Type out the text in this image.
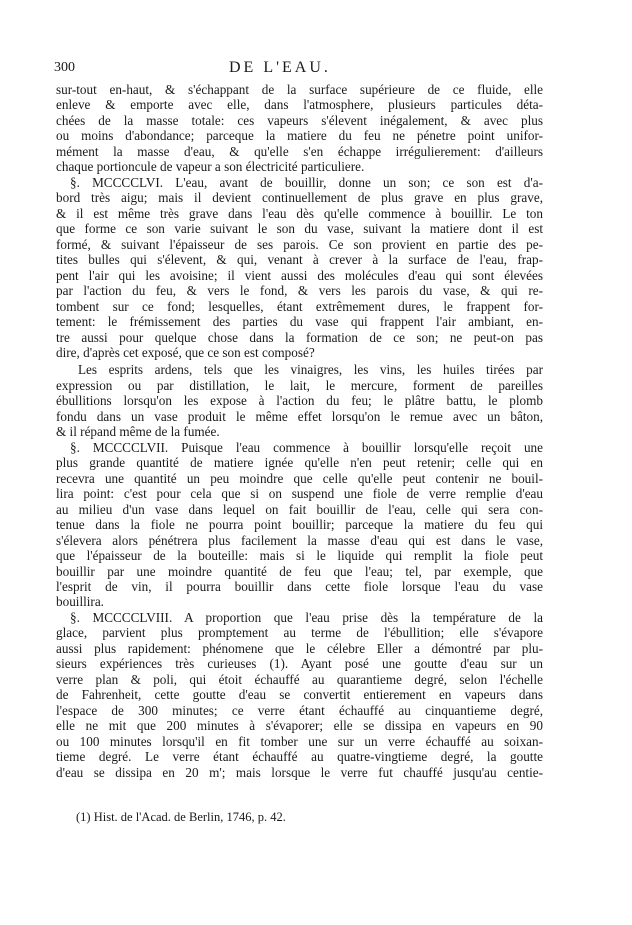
300	DE L'EAU.
sur-tout en-haut, & s'échappant de la surface supérieure de ce fluide, elle
enleve & emporte avec elle, dans l'atmosphere, plusieurs particules déta-
chées de la masse totale: ces vapeurs s'élevent inégalement, & avec plus
ou moins d'abondance; parceque la matiere du feu ne pénetre point unifor-
mément la masse d'eau, & qu'elle s'en échappe irrégulierement: d'ailleurs
chaque portioncule de vapeur a son électricité particuliere.
§. MCCCCLVI. L'eau, avant de bouillir, donne un son; ce son est d'a-
bord très aigu; mais il devient continuellement de plus grave en plus grave,
& il est même très grave dans l'eau dès qu'elle commence à bouillir. Le ton
que forme ce son varie suivant le son du vase, suivant la matiere dont il est
formé, & suivant l'épaisseur de ses parois. Ce son provient en partie des pe-
tites bulles qui s'élevent, & qui, venant à crever à la surface de l'eau, frap-
pent l'air qui les avoisine; il vient aussi des molécules d'eau qui sont élevées
par l'action du feu, & vers le fond, & vers les parois du vase, & qui re-
tombent sur ce fond; lesquelles, étant extrêmement dures, le frappent for-
tement: le frémissement des parties du vase qui frappent l'air ambiant, en-
tre aussi pour quelque chose dans la formation de ce son; ne peut-on pas
dire, d'après cet exposé, que ce son est composé?
Les esprits ardens, tels que les vinaigres, les vins, les huiles tirées par
expression ou par distillation, le lait, le mercure, forment de pareilles
ébullitions lorsqu'on les expose à l'action du feu; le plâtre battu, le plomb
fondu dans un vase produit le même effet lorsqu'on le remue avec un bâton,
& il répand même de la fumée.
§. MCCCCLVII. Puisque l'eau commence à bouillir lorsqu'elle reçoit une
plus grande quantité de matiere ignée qu'elle n'en peut retenir; celle qui en
recevra une quantité un peu moindre que celle qu'elle peut contenir ne bouil-
lira point: c'est pour cela que si on suspend une fiole de verre remplie d'eau
au milieu d'un vase dans lequel on fait bouillir de l'eau, celle qui sera con-
tenue dans la fiole ne pourra point bouillir; parceque la matiere du feu qui
s'élevera alors pénétrera plus facilement la masse d'eau qui est dans le vase,
que l'épaisseur de la bouteille: mais si le liquide qui remplit la fiole peut
bouillir par une moindre quantité de feu que l'eau; tel, par exemple, que
l'esprit de vin, il pourra bouillir dans cette fiole lorsque l'eau du vase
bouillira.
§. MCCCCLVIII. A proportion que l'eau prise dès la température de la
glace, parvient plus promptement au terme de l'ébullition; elle s'évapore
aussi plus rapidement: phénomene que le célebre Eller a démontré par plu-
sieurs expériences très curieuses (1). Ayant posé une goutte d'eau sur un
verre plan & poli, qui étoit échauffé au quarantieme degré, selon l'échelle
de Fahrenheit, cette goutte d'eau se convertit entierement en vapeurs dans
l'espace de 300 minutes; ce verre étant échauffé au cinquantieme degré,
elle ne mit que 200 minutes à s'évaporer; elle se dissipa en vapeurs en 90
ou 100 minutes lorsqu'il en fit tomber une sur un verre échauffé au soixan-
tieme degré. Le verre étant échauffé au quatre-vingtieme degré, la goutte
d'eau se dissipa en 20 m'; mais lorsque le verre fut chauffé jusqu'au centie-
(1) Hist. de l'Acad. de Berlin, 1746, p. 42.
